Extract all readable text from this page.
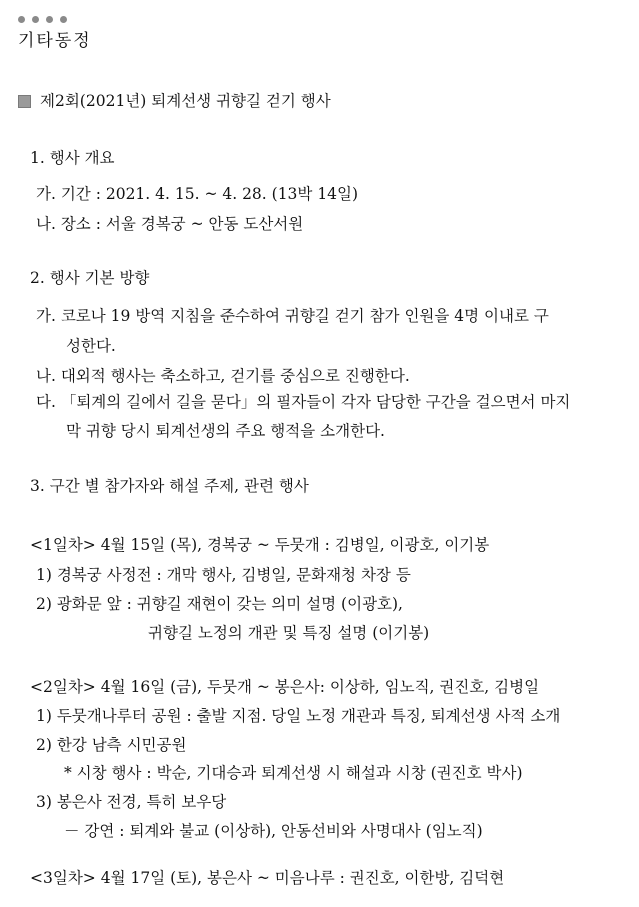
기타동정
제2회(2021년) 퇴계선생 귀향길 걷기 행사
1. 행사 개요
가. 기간 : 2021. 4. 15. ~ 4. 28. (13박 14일)
나. 장소 : 서울 경복궁 ~ 안동 도산서원
2. 행사 기본 방향
가. 코로나 19 방역 지침을 준수하여 귀향길 걷기 참가 인원을 4명 이내로 구
성한다.
나. 대외적 행사는 축소하고, 걷기를 중심으로 진행한다.
다. 「퇴계의 길에서 길을 묻다」의 필자들이 각자 담당한 구간을 걸으면서 마지
막 귀향 당시 퇴계선생의 주요 행적을 소개한다.
3. 구간 별 참가자와 해설 주제, 관련 행사
<1일차> 4월 15일 (목), 경복궁 ~ 두뭇개 : 김병일, 이광호, 이기봉
1) 경복궁 사정전 : 개막 행사, 김병일, 문화재청 차장 등
2) 광화문 앞 : 귀향길 재현이 갖는 의미 설명 (이광호),
귀향길 노정의 개관 및 특징 설명 (이기봉)
<2일차> 4월 16일 (금), 두뭇개 ~ 봉은사: 이상하, 임노직, 권진호, 김병일
1) 두뭇개나루터 공원 : 출발 지점. 당일 노정 개관과 특징, 퇴계선생 사적 소개
2) 한강 남측 시민공원
* 시창 행사 : 박순, 기대승과 퇴계선생 시 해설과 시창 (권진호 박사)
3) 봉은사 전경, 특히 보우당
－ 강연 : 퇴계와 불교 (이상하), 안동선비와 사명대사 (임노직)
<3일차> 4월 17일 (토), 봉은사 ~ 미음나루 : 권진호, 이한방, 김덕현
